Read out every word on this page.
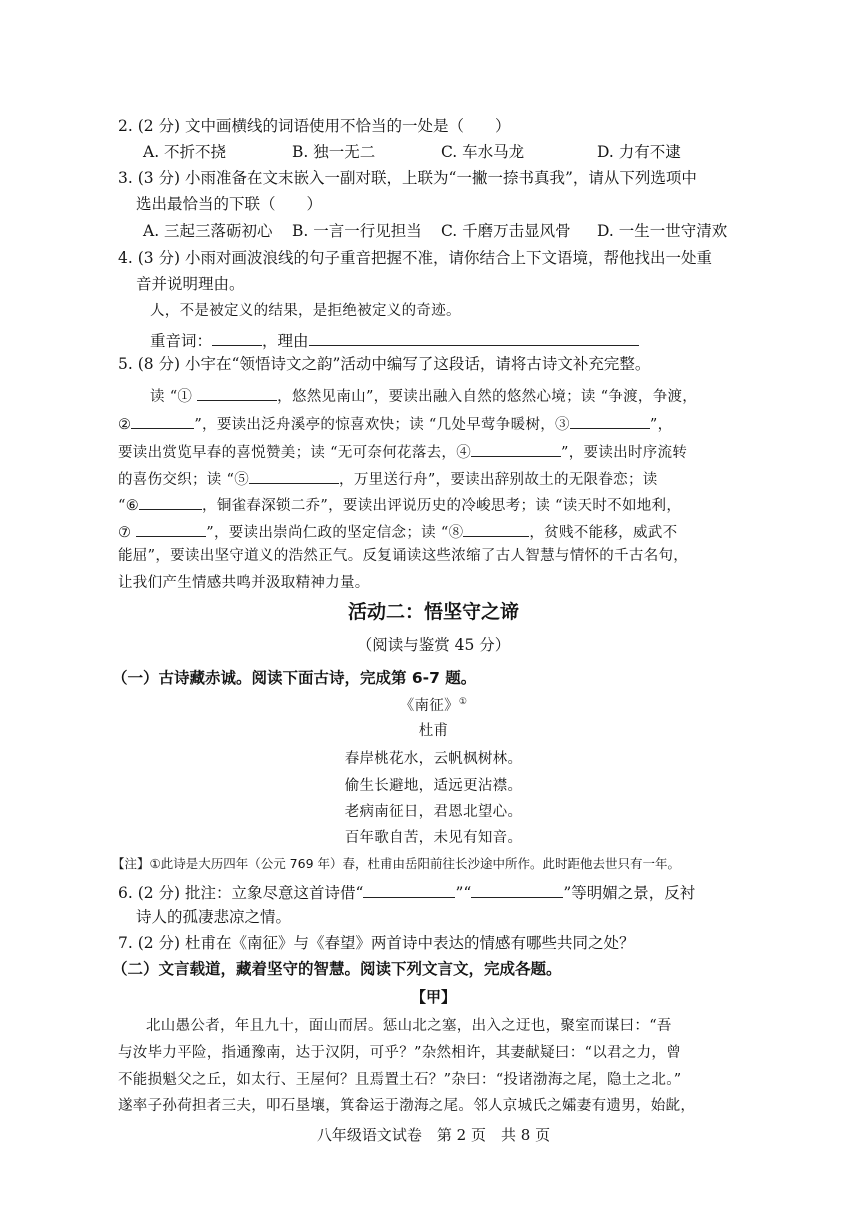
2. (2 分) 文中画横线的词语使用不恰当的一处是（　　）
A. 不折不挠	B. 独一无二	C. 车水马龙	D. 力有不逮
3. (3 分) 小雨准备在文末嵌入一副对联，上联为“一撇一捺书真我”，请从下列选项中
选出最恰当的下联（　　）
A. 三起三落砺初心 B. 一言一行见担当 C. 千磨万击显风骨 D. 一生一世守清欢
4. (3 分) 小雨对画波浪线的句子重音把握不准，请你结合上下文语境，帮他找出一处重
音并说明理由。
人，不是被定义的结果，是拒绝被定义的奇迹。
重音词：	，理由
5. (8 分) 小宇在“领悟诗文之韵”活动中编写了这段话，请将古诗文补充完整。
读 “①	，悠然见南山”，要读出融入自然的悠然心境；读 “争渡，争渡，
②	”，要读出泛舟溪亭的惊喜欢快；读 “几处早莺争暖树，③	”，
要读出赏览早春的喜悦赞美；读 “无可奈何花落去，④	”，要读出时序流转
的喜伤交织；读 “⑤	，万里送行舟”，要读出辞别故土的无限眷恋；读
“⑥	，铜雀春深锁二乔”，要读出评说历史的冷峻思考；读 “读天时不如地利，
⑦	”，要读出崇尚仁政的坚定信念；读 “⑧	，贫贱不能移，威武不
能屈”，要读出坚守道义的浩然正气。反复诵读这些浓缩了古人智慧与情怀的千古名句，
让我们产生情感共鸣并汲取精神力量。
活动二：悟坚守之谛
（阅读与鉴赏 45 分）
（一）古诗藏赤诚。阅读下面古诗，完成第 6-7 题。
《南征》①
杜甫
春岸桃花水，云帆枫树林。
偷生长避地，适远更沾襟。
老病南征日，君恩北望心。
百年歌自苦，未见有知音。
【注】①此诗是大历四年（公元 769 年）春，杜甫由岳阳前往长沙途中所作。此时距他去世只有一年。
6. (2 分) 批注：立象尽意这首诗借“	”“	”等明媚之景，反衬
诗人的孤凄悲凉之情。
7. (2 分) 杜甫在《南征》与《春望》两首诗中表达的情感有哪些共同之处？
（二）文言载道，藏着坚守的智慧。阅读下列文言文，完成各题。
【甲】
北山愚公者，年且九十，面山而居。惩山北之塞，出入之迂也，聚室而谋曰：“吾
与汝毕力平险，指通豫南，达于汉阴，可乎？”杂然相许，其妻献疑曰：“以君之力，曾
不能损魁父之丘，如太行、王屋何？且焉置土石？”杂曰：“投诸渤海之尾，隐土之北。”
遂率子孙荷担者三夫，叩石垦壤，箕畚运于渤海之尾。邻人京城氏之孀妻有遗男，始龀，
八年级语文试卷　第 2 页　共 8 页
